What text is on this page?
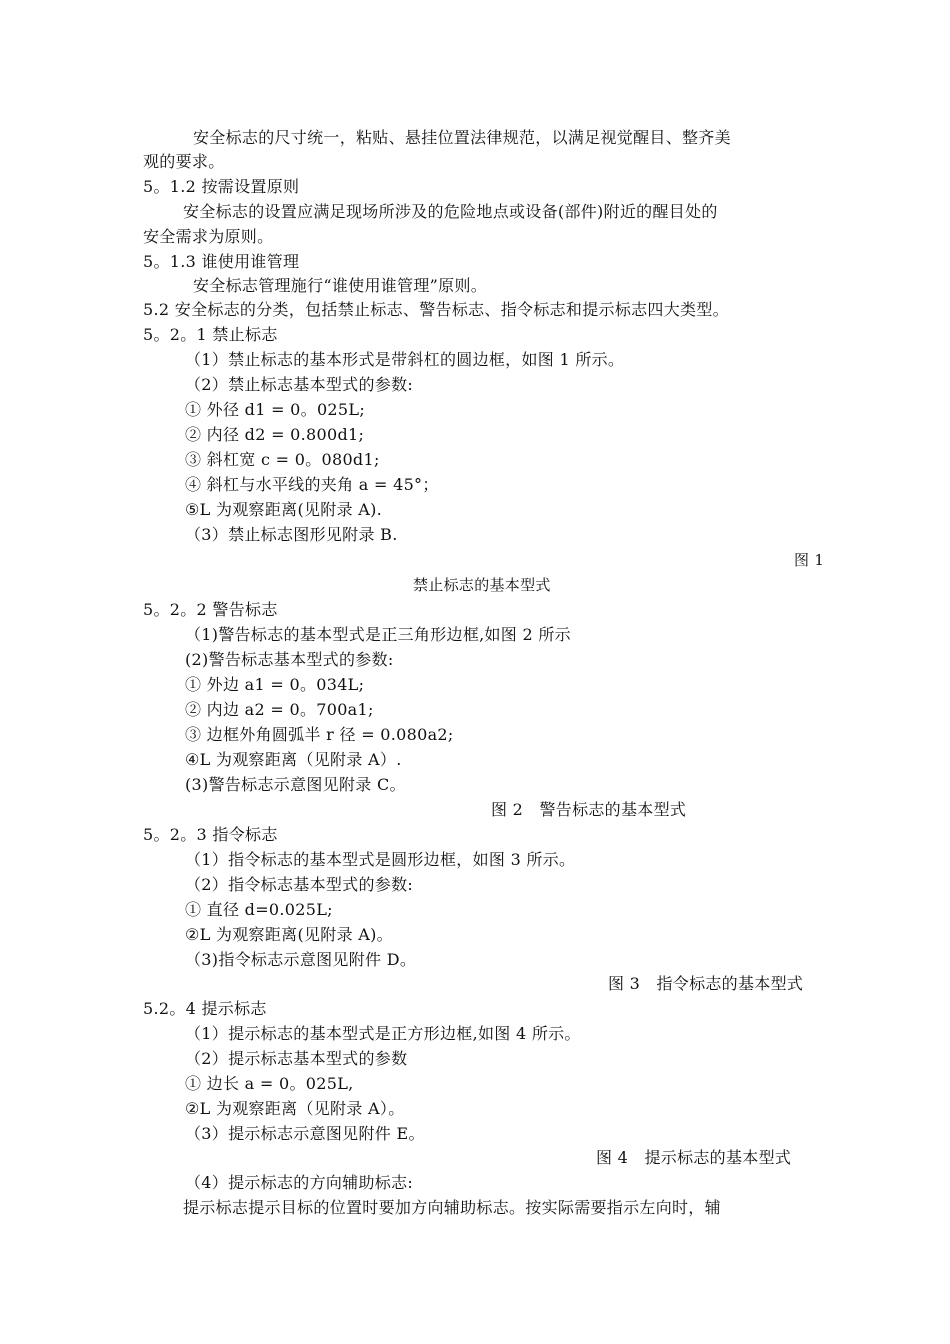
安全标志的尺寸统一，粘贴、悬挂位置法律规范，以满足视觉醒目、整齐美
观的要求。
5。1.2 按需设置原则
安全标志的设置应满足现场所涉及的危险地点或设备(部件)附近的醒目处的
安全需求为原则。
5。1.3 谁使用谁管理
安全标志管理施行“谁使用谁管理”原则。
5.2 安全标志的分类，包括禁止标志、警告标志、指令标志和提示标志四大类型。
5。2。1 禁止标志
（1）禁止标志的基本形式是带斜杠的圆边框，如图 1 所示。
（2）禁止标志基本型式的参数:
① 外径 d1 = 0。025L;
② 内径 d2 = 0.800d1;
③ 斜杠宽 c = 0。080d1;
④ 斜杠与水平线的夹角 a = 45°；
⑤L 为观察距离(见附录 A).
（3）禁止标志图形见附录 B.
图 1
禁止标志的基本型式
5。2。2 警告标志
（1)警告标志的基本型式是正三角形边框,如图 2 所示
(2)警告标志基本型式的参数:
① 外边 a1 = 0。034L;
② 内边 a2 = 0。700a1;
③ 边框外角圆弧半 r 径 = 0.080a2;
④L 为观察距离（见附录 A）.
(3)警告标志示意图见附录 C。
图 2　警告标志的基本型式
5。2。3 指令标志
（1）指令标志的基本型式是圆形边框，如图 3 所示。
（2）指令标志基本型式的参数:
① 直径 d=0.025L;
②L 为观察距离(见附录 A)。
（3)指令标志示意图见附件 D。
图 3　指令标志的基本型式
5.2。4 提示标志
（1）提示标志的基本型式是正方形边框,如图 4 所示。
（2）提示标志基本型式的参数
① 边长 a = 0。025L,
②L 为观察距离（见附录 A）。
（3）提示标志示意图见附件 E。
图 4　提示标志的基本型式
（4）提示标志的方向辅助标志:
提示标志提示目标的位置时要加方向辅助标志。按实际需要指示左向时，辅
